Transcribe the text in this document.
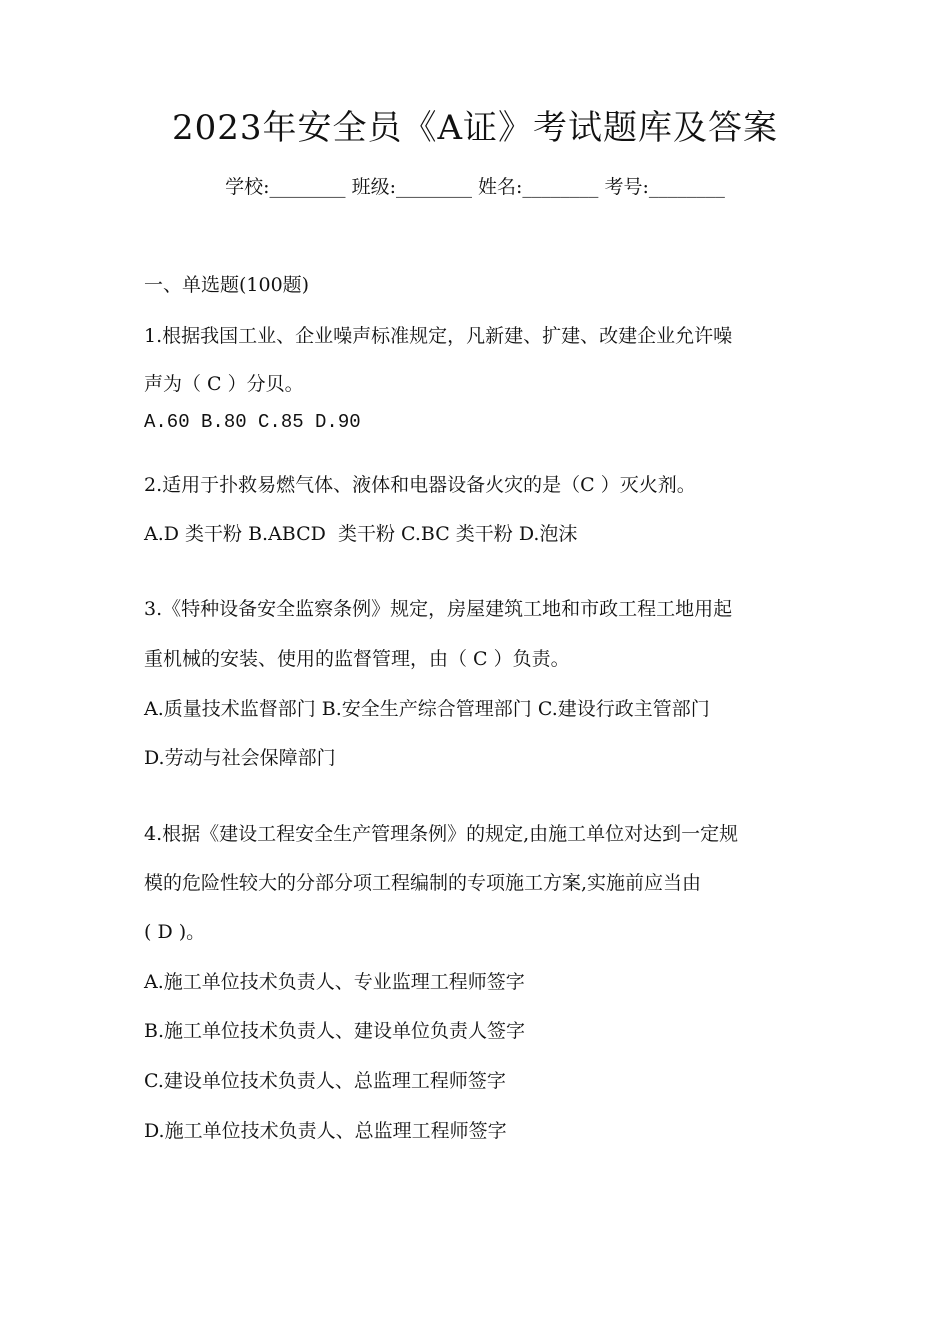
2023年安全员《A证》考试题库及答案
学校:________ 班级:________ 姓名:________ 考号:________
一、单选题(100题)
1.根据我国工业、企业噪声标准规定，凡新建、扩建、改建企业允许噪
声为（ C ）分贝。
A.60 B.80 C.85 D.90
2.适用于扑救易燃气体、液体和电器设备火灾的是（C ）灭火剂。
A.D 类干粉 B.ABCD  类干粉 C.BC 类干粉 D.泡沫
3.《特种设备安全监察条例》规定，房屋建筑工地和市政工程工地用起
重机械的安装、使用的监督管理，由（ C ）负责。
A.质量技术监督部门 B.安全生产综合管理部门 C.建设行政主管部门
D.劳动与社会保障部门
4.根据《建设工程安全生产管理条例》的规定,由施工单位对达到一定规
模的危险性较大的分部分项工程编制的专项施工方案,实施前应当由
( D )。
A.施工单位技术负责人、专业监理工程师签字
B.施工单位技术负责人、建设单位负责人签字
C.建设单位技术负责人、总监理工程师签字
D.施工单位技术负责人、总监理工程师签字
